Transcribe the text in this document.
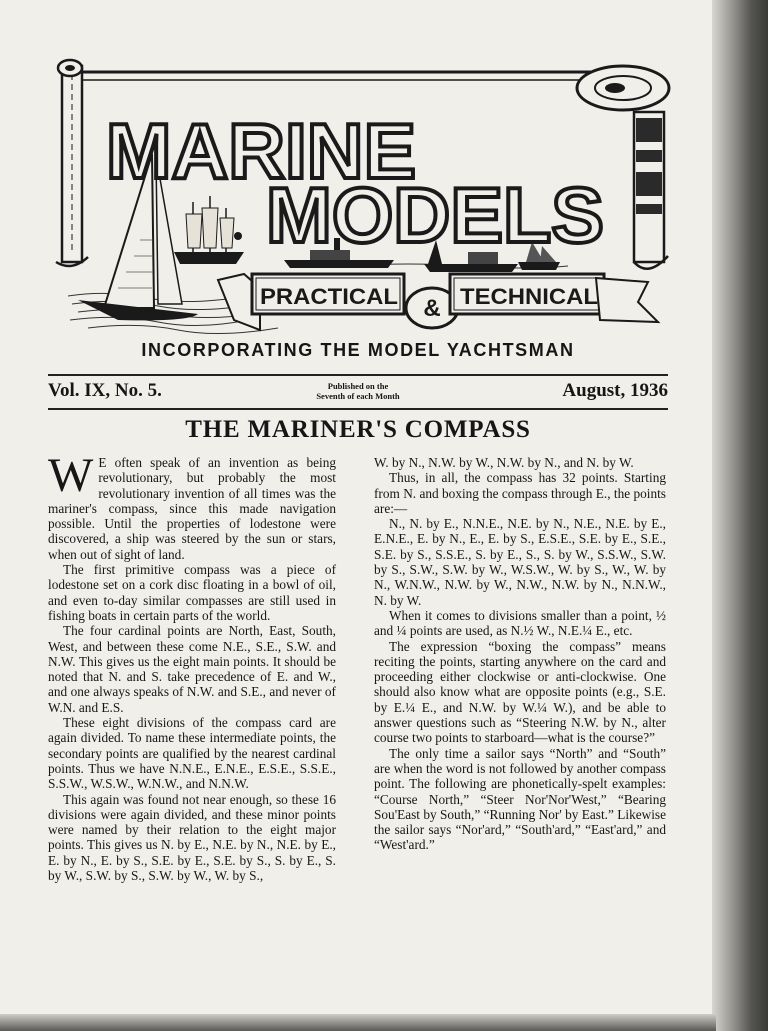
MARINE
MODELS
PRACTICAL & TECHNICAL
INCORPORATING THE MODEL YACHTSMAN
Vol. IX, No. 5.	Published on the
Seventh of each Month	August, 1936
THE MARINER'S COMPASS

W E often speak of an invention as being revolutionary, but probably the most revolutionary invention of all times was the mariner's compass, since this made navigation possible. Until the properties of lodestone were discovered, a ship was steered by the sun or stars, when out of sight of land.

The first primitive compass was a piece of lodestone set on a cork disc floating in a bowl of oil, and even to-day similar compasses are still used in fishing boats in certain parts of the world.

The four cardinal points are North, East, South, West, and between these come N.E., S.E., S.W. and N.W. This gives us the eight main points. It should be noted that N. and S. take precedence of E. and W., and one always speaks of N.W. and S.E., and never of W.N. and E.S.

These eight divisions of the compass card are again divided. To name these intermediate points, the secondary points are qualified by the nearest cardinal points. Thus we have N.N.E., E.N.E., E.S.E., S.S.E., S.S.W., W.S.W., W.N.W., and N.N.W.

This again was found not near enough, so these 16 divisions were again divided, and these minor points were named by their relation to the eight major points. This gives us N. by E., N.E. by N., N.E. by E., E. by N., E. by S., S.E. by E., S.E. by S., S. by E., S. by W., S.W. by S., S.W. by W., W. by S.,

W. by N., N.W. by W., N.W. by N., and N. by W.

Thus, in all, the compass has 32 points. Starting from N. and boxing the compass through E., the points are:—

N., N. by E., N.N.E., N.E. by N., N.E., N.E. by E., E.N.E., E. by N., E., E. by S., E.S.E., S.E. by E., S.E., S.E. by S., S.S.E., S. by E., S., S. by W., S.S.W., S.W. by S., S.W., S.W. by W., W.S.W., W. by S., W., W. by N., W.N.W., N.W. by W., N.W., N.W. by N., N.N.W., N. by W.

When it comes to divisions smaller than a point, ½ and ¼ points are used, as N.½ W., N.E.¼ E., etc.

The expression “boxing the compass” means reciting the points, starting anywhere on the card and proceeding either clockwise or anti-clockwise. One should also know what are opposite points (e.g., S.E. by E.¼ E., and N.W. by W.¼ W.), and be able to answer questions such as “Steering N.W. by N., alter course two points to starboard—what is the course?”

The only time a sailor says “North” and “South” are when the word is not followed by another compass point. The following are phonetically-spelt examples: “Course North,” “Steer Nor'Nor'West,” “Bearing Sou'East by South,” “Running Nor' by East.” Likewise the sailor says “Nor'ard,” “South'ard,” “East'ard,” and “West'ard.”
